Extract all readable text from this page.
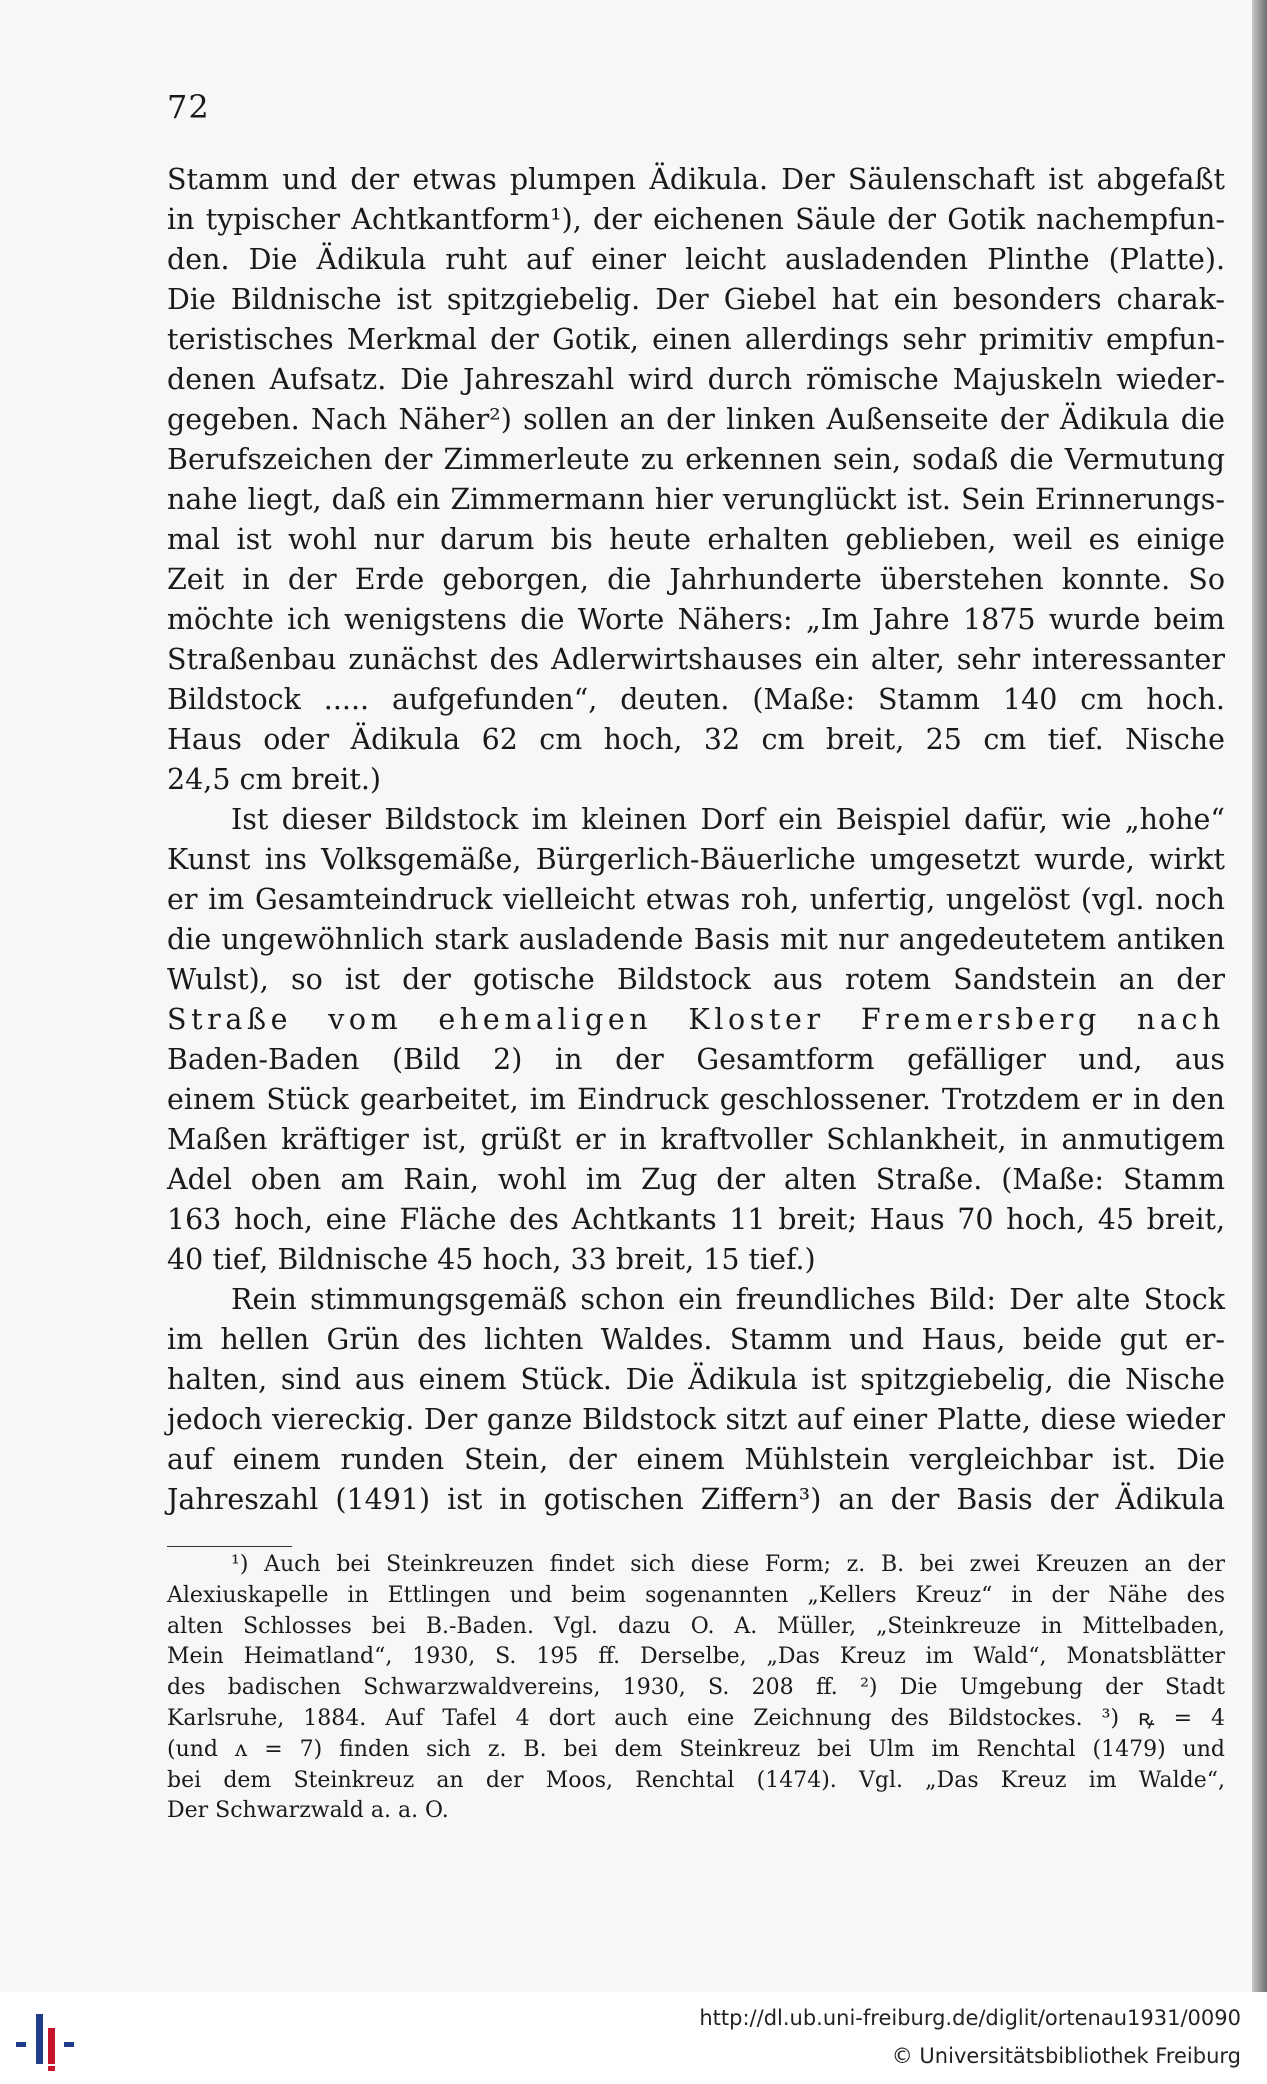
72
Stamm und der etwas plumpen Ädikula. Der Säulenschaft ist abgefaßt
in typischer Achtkantform¹), der eichenen Säule der Gotik nachempfun-
den. Die Ädikula ruht auf einer leicht ausladenden Plinthe (Platte).
Die Bildnische ist spitzgiebelig. Der Giebel hat ein besonders charak-
teristisches Merkmal der Gotik, einen allerdings sehr primitiv empfun-
denen Aufsatz. Die Jahreszahl wird durch römische Majuskeln wieder-
gegeben. Nach Näher²) sollen an der linken Außenseite der Ädikula die
Berufszeichen der Zimmerleute zu erkennen sein, sodaß die Vermutung
nahe liegt, daß ein Zimmermann hier verunglückt ist. Sein Erinnerungs-
mal ist wohl nur darum bis heute erhalten geblieben, weil es einige
Zeit in der Erde geborgen, die Jahrhunderte überstehen konnte. So
möchte ich wenigstens die Worte Nähers: „Im Jahre 1875 wurde beim
Straßenbau zunächst des Adlerwirtshauses ein alter, sehr interessanter
Bildstock ..... aufgefunden“, deuten. (Maße: Stamm 140 cm hoch.
Haus oder Ädikula 62 cm hoch, 32 cm breit, 25 cm tief. Nische
24,5 cm breit.)
Ist dieser Bildstock im kleinen Dorf ein Beispiel dafür, wie „hohe“
Kunst ins Volksgemäße, Bürgerlich-Bäuerliche umgesetzt wurde, wirkt
er im Gesamteindruck vielleicht etwas roh, unfertig, ungelöst (vgl. noch
die ungewöhnlich stark ausladende Basis mit nur angedeutetem antiken
Wulst), so ist der gotische Bildstock aus rotem Sandstein an der
Straße vom ehemaligen Kloster Fremersberg nach
Baden-Baden (Bild 2) in der Gesamtform gefälliger und, aus
einem Stück gearbeitet, im Eindruck geschlossener. Trotzdem er in den
Maßen kräftiger ist, grüßt er in kraftvoller Schlankheit, in anmutigem
Adel oben am Rain, wohl im Zug der alten Straße. (Maße: Stamm
163 hoch, eine Fläche des Achtkants 11 breit; Haus 70 hoch, 45 breit,
40 tief, Bildnische 45 hoch, 33 breit, 15 tief.)
Rein stimmungsgemäß schon ein freundliches Bild: Der alte Stock
im hellen Grün des lichten Waldes. Stamm und Haus, beide gut er-
halten, sind aus einem Stück. Die Ädikula ist spitzgiebelig, die Nische
jedoch viereckig. Der ganze Bildstock sitzt auf einer Platte, diese wieder
auf einem runden Stein, der einem Mühlstein vergleichbar ist. Die
Jahreszahl (1491) ist in gotischen Ziffern³) an der Basis der Ädikula
¹) Auch bei Steinkreuzen findet sich diese Form; z. B. bei zwei Kreuzen an der
Alexiuskapelle in Ettlingen und beim sogenannten „Kellers Kreuz“ in der Nähe des
alten Schlosses bei B.-Baden. Vgl. dazu O. A. Müller, „Steinkreuze in Mittelbaden,
Mein Heimatland“, 1930, S. 195 ff. Derselbe, „Das Kreuz im Wald“, Monatsblätter
des badischen Schwarzwaldvereins, 1930, S. 208 ff. ²) Die Umgebung der Stadt
Karlsruhe, 1884. Auf Tafel 4 dort auch eine Zeichnung des Bildstockes. ³) ꝶ = 4
(und ʌ = 7) finden sich z. B. bei dem Steinkreuz bei Ulm im Renchtal (1479) und
bei dem Steinkreuz an der Moos, Renchtal (1474). Vgl. „Das Kreuz im Walde“,
Der Schwarzwald a. a. O.
http://dl.ub.uni-freiburg.de/diglit/ortenau1931/0090
© Universitätsbibliothek Freiburg
